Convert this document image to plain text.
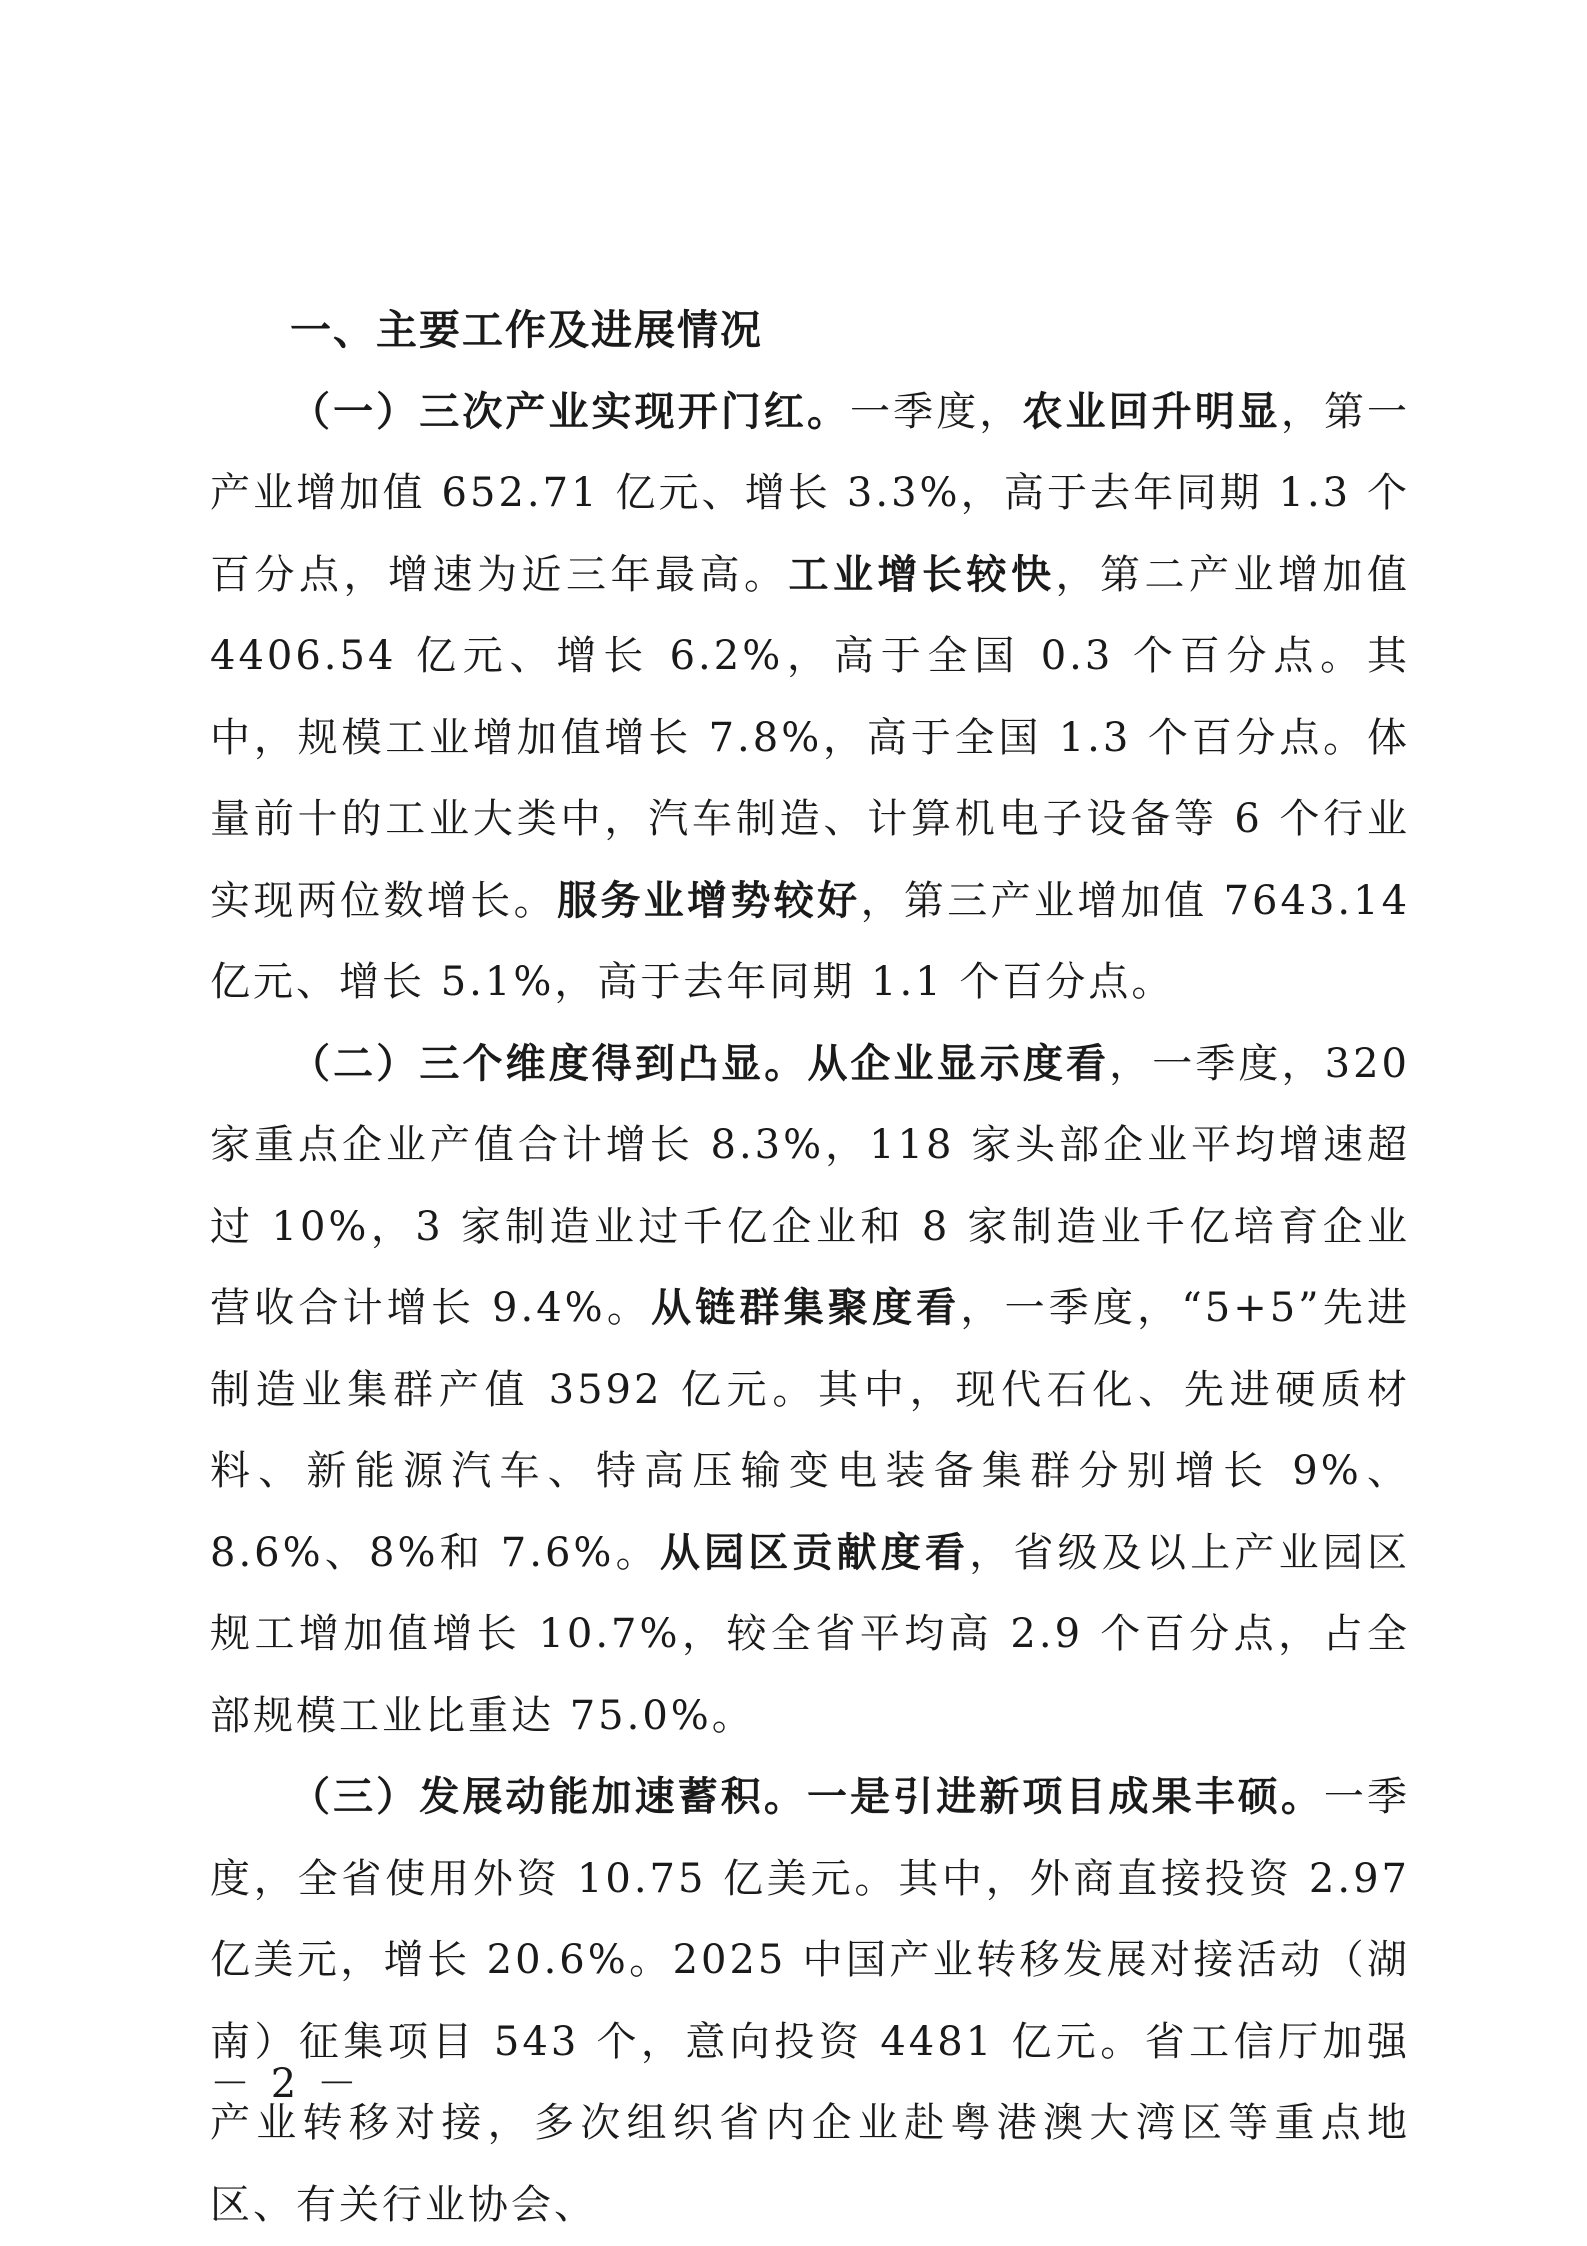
一、主要工作及进展情况

（一）三次产业实现开门红。一季度，农业回升明显，第一产业增加值 652.71 亿元、增长 3.3%，高于去年同期 1.3 个百分点，增速为近三年最高。工业增长较快，第二产业增加值 4406.54 亿元、增长 6.2%，高于全国 0.3 个百分点。其中，规模工业增加值增长 7.8%，高于全国 1.3 个百分点。体量前十的工业大类中，汽车制造、计算机电子设备等 6 个行业实现两位数增长。服务业增势较好，第三产业增加值 7643.14 亿元、增长 5.1%，高于去年同期 1.1 个百分点。

（二）三个维度得到凸显。从企业显示度看，一季度，320 家重点企业产值合计增长 8.3%，118 家头部企业平均增速超过 10%，3 家制造业过千亿企业和 8 家制造业千亿培育企业营收合计增长 9.4%。从链群集聚度看，一季度，“5+5”先进制造业集群产值 3592 亿元。其中，现代石化、先进硬质材料、新能源汽车、特高压输变电装备集群分别增长 9%、8.6%、8%和 7.6%。从园区贡献度看，省级及以上产业园区规工增加值增长 10.7%，较全省平均高 2.9 个百分点，占全部规模工业比重达 75.0%。

（三）发展动能加速蓄积。一是引进新项目成果丰硕。一季度，全省使用外资 10.75 亿美元。其中，外商直接投资 2.97 亿美元，增长 20.6%。2025 中国产业转移发展对接活动（湖南）征集项目 543 个，意向投资 4481 亿元。省工信厅加强产业转移对接，多次组织省内企业赴粤港澳大湾区等重点地区、有关行业协会、

－ 2 －
